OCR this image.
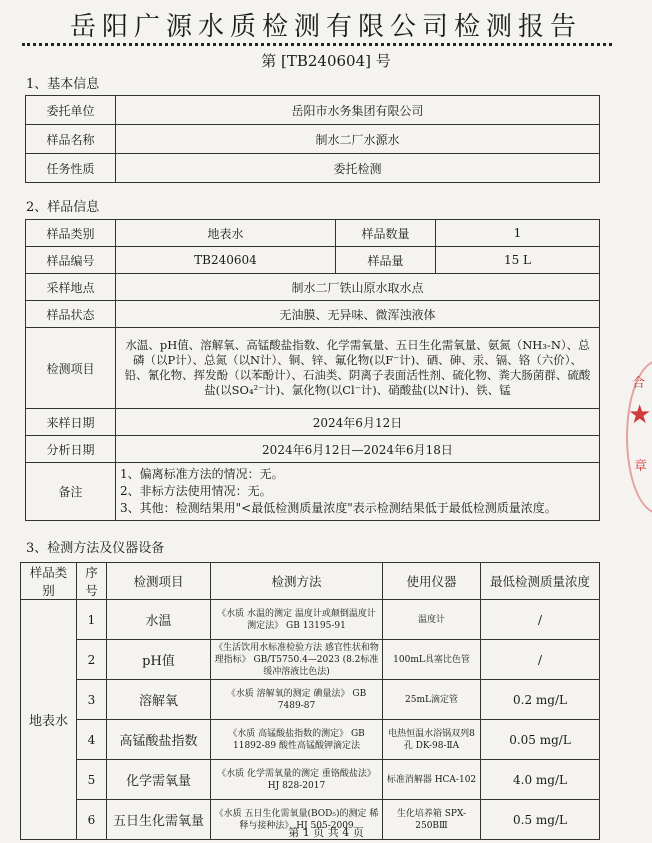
岳阳广源水质检测有限公司检测报告
第 [TB240604] 号
1、基本信息
委托单位	岳阳市水务集团有限公司
样品名称	制水二厂水源水
任务性质	委托检测
2、样品信息
样品类别	地表水	样品数量	1
样品编号	TB240604	样品量	15 L
采样地点	制水二厂铁山原水取水点		
样品状态	无油膜、无异味、微浑浊液体		
检测项目	水温、pH值、溶解氧、高锰酸盐指数、化学需氧量、五日生化需氧量、氨氮（NH₃-N）、总磷（以P计）、总氮（以N计）、铜、锌、氟化物(以F⁻计)、硒、砷、汞、镉、铬（六价）、铅、氰化物、挥发酚（以苯酚计）、石油类、阴离子表面活性剂、硫化物、粪大肠菌群、硫酸盐(以SO₄²⁻计)、氯化物(以Cl⁻计)、硝酸盐(以N计)、铁、锰		
来样日期	2024年6月12日		
分析日期	2024年6月12日—2024年6月18日		
备注	1、偏离标准方法的情况：无。
2、非标方法使用情况：无。
3、其他：检测结果用"<最低检测质量浓度"表示检测结果低于最低检测质量浓度。		
3、检测方法及仪器设备
样品类别	序号	检测项目	检测方法	使用仪器	最低检测质量浓度
地表水	1	水温	《水质 水温的测定 温度计或颠倒温度计测定法》 GB 13195-91	温度计	/
	2	pH值	《生活饮用水标准检验方法 感官性状和物理指标》 GB/T5750.4—2023 (8.2标准缓冲溶液比色法)	100mL具塞比色管	/
	3	溶解氧	《水质 溶解氧的测定 碘量法》 GB 7489-87	25mL滴定管	0.2 mg/L
	4	高锰酸盐指数	《水质 高锰酸盐指数的测定》 GB 11892-89 酸性高锰酸钾滴定法	电热恒温水浴锅双列8孔 DK-98-ⅡA	0.05 mg/L
	5	化学需氧量	《水质 化学需氧量的测定 重铬酸盐法》 HJ 828-2017	标准消解器 HCA-102	4.0 mg/L
	6	五日生化需氧量	《水质 五日生化需氧量(BOD₅)的测定 稀释与接种法》 HJ 505-2009	生化培养箱 SPX-250BⅢ	0.5 mg/L
第 1 页 共 4 页
合
★
章
